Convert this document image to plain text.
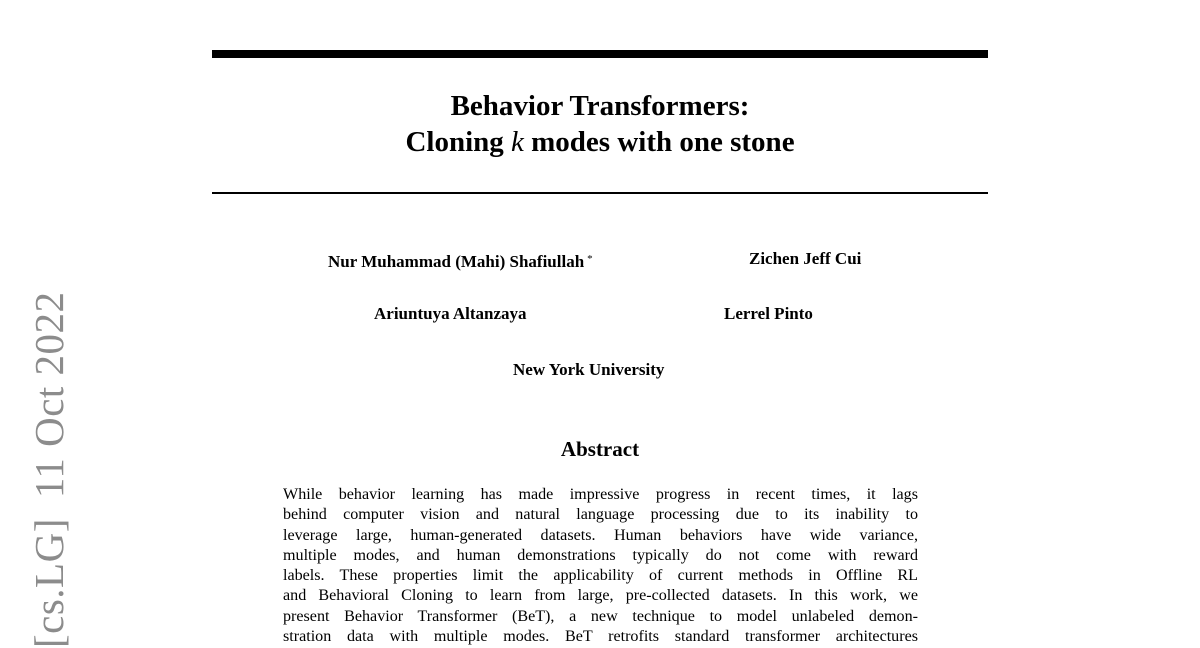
[cs.LG]11 Oct 2022
Behavior Transformers:
Cloning k modes with one stone
Nur Muhammad (Mahi) Shafiullah *	Zichen Jeff Cui
Ariuntuya Altanzaya	Lerrel Pinto
New York University
Abstract
While behavior learning has made impressive progress in recent times, it lags
behind computer vision and natural language processing due to its inability to
leverage large, human-generated datasets. Human behaviors have wide variance,
multiple modes, and human demonstrations typically do not come with reward
labels. These properties limit the applicability of current methods in Offline RL
and Behavioral Cloning to learn from large, pre-collected datasets. In this work, we
present Behavior Transformer (BeT), a new technique to model unlabeled demon-
stration data with multiple modes. BeT retrofits standard transformer architectures
